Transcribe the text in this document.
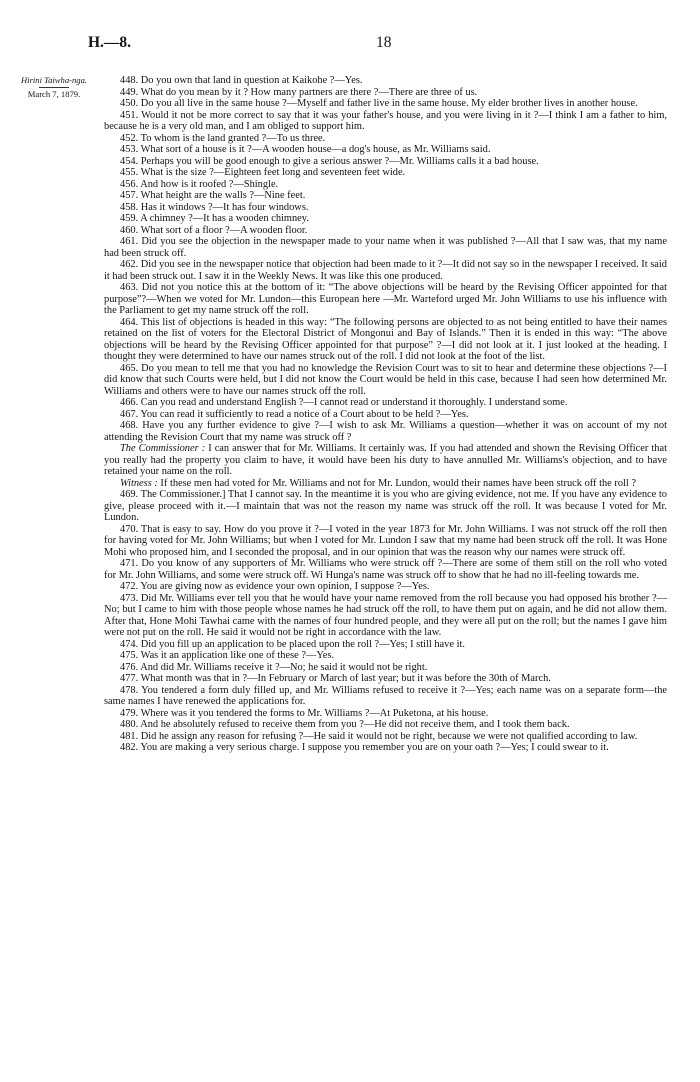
H.—8.	18
Hirini Taiwha-nga.
March 7, 1879.

448. Do you own that land in question at Kaikohe ?—Yes.

449. What do you mean by it ? How many partners are there ?—There are three of us.

450. Do you all live in the same house ?—Myself and father live in the same house. My elder brother lives in another house.

451. Would it not be more correct to say that it was your father's house, and you were living in it ?—I think I am a father to him, because he is a very old man, and I am obliged to support him.

452. To whom is the land granted ?—To us three.

453. What sort of a house is it ?—A wooden house—a dog's house, as Mr. Williams said.

454. Perhaps you will be good enough to give a serious answer ?—Mr. Williams calls it a bad house.

455. What is the size ?—Eighteen feet long and seventeen feet wide.

456. And how is it roofed ?—Shingle.

457. What height are the walls ?—Nine feet.

458. Has it windows ?—It has four windows.

459. A chimney ?—It has a wooden chimney.

460. What sort of a floor ?—A wooden floor.

461. Did you see the objection in the newspaper made to your name when it was published ?—All that I saw was, that my name had been struck off.

462. Did you see in the newspaper notice that objection had been made to it ?—It did not say so in the newspaper I received. It said it had been struck out. I saw it in the Weekly News. It was like this one produced.

463. Did not you notice this at the bottom of it: “The above objections will be heard by the Revising Officer appointed for that purpose”?—When we voted for Mr. Lundon—this European here —Mr. Warteford urged Mr. John Williams to use his influence with the Parliament to get my name struck off the roll.

464. This list of objections is headed in this way: “The following persons are objected to as not being entitled to have their names retained on the list of voters for the Electoral District of Mongonui and Bay of Islands.” Then it is ended in this way: “The above objections will be heard by the Revising Officer appointed for that purpose” ?—I did not look at it. I just looked at the heading. I thought they were determined to have our names struck out of the roll. I did not look at the foot of the list.

465. Do you mean to tell me that you had no knowledge the Revision Court was to sit to hear and determine these objections ?—I did know that such Courts were held, but I did not know the Court would be held in this case, because I had seen how determined Mr. Williams and others were to have our names struck off the roll.

466. Can you read and understand English ?—I cannot read or understand it thoroughly. I understand some.

467. You can read it sufficiently to read a notice of a Court about to be held ?—Yes.

468. Have you any further evidence to give ?—I wish to ask Mr. Williams a question—whether it was on account of my not attending the Revision Court that my name was struck off ?

The Commissioner : I can answer that for Mr. Williams. It certainly was. If you had attended and shown the Revising Officer that you really had the property you claim to have, it would have been his duty to have annulled Mr. Williams's objection, and to have retained your name on the roll.

Witness : If these men had voted for Mr. Williams and not for Mr. Lundon, would their names have been struck off the roll ?

469. The Commissioner.] That I cannot say. In the meantime it is you who are giving evidence, not me. If you have any evidence to give, please proceed with it.—I maintain that was not the reason my name was struck off the roll. It was because I voted for Mr. Lundon.

470. That is easy to say. How do you prove it ?—I voted in the year 1873 for Mr. John Williams. I was not struck off the roll then for having voted for Mr. John Williams; but when I voted for Mr. Lundon I saw that my name had been struck off the roll. It was Hone Mohi who proposed him, and I seconded the proposal, and in our opinion that was the reason why our names were struck off.

471. Do you know of any supporters of Mr. Williams who were struck off ?—There are some of them still on the roll who voted for Mr. John Williams, and some were struck off. Wi Hunga's name was struck off to show that he had no ill-feeling towards me.

472. You are giving now as evidence your own opinion, I suppose ?—Yes.

473. Did Mr. Williams ever tell you that he would have your name removed from the roll because you had opposed his brother ?—No; but I came to him with those people whose names he had struck off the roll, to have them put on again, and he did not allow them. After that, Hone Mohi Tawhai came with the names of four hundred people, and they were all put on the roll; but the names I gave him were not put on the roll. He said it would not be right in accordance with the law.

474. Did you fill up an application to be placed upon the roll ?—Yes; I still have it.

475. Was it an application like one of these ?—Yes.

476. And did Mr. Williams receive it ?—No; he said it would not be right.

477. What month was that in ?—In February or March of last year; but it was before the 30th of March.

478. You tendered a form duly filled up, and Mr. Williams refused to receive it ?—Yes; each name was on a separate form—the same names I have renewed the applications for.

479. Where was it you tendered the forms to Mr. Williams ?—At Puketona, at his house.

480. And he absolutely refused to receive them from you ?—He did not receive them, and I took them back.

481. Did he assign any reason for refusing ?—He said it would not be right, because we were not qualified according to law.

482. You are making a very serious charge. I suppose you remember you are on your oath ?—Yes; I could swear to it.
